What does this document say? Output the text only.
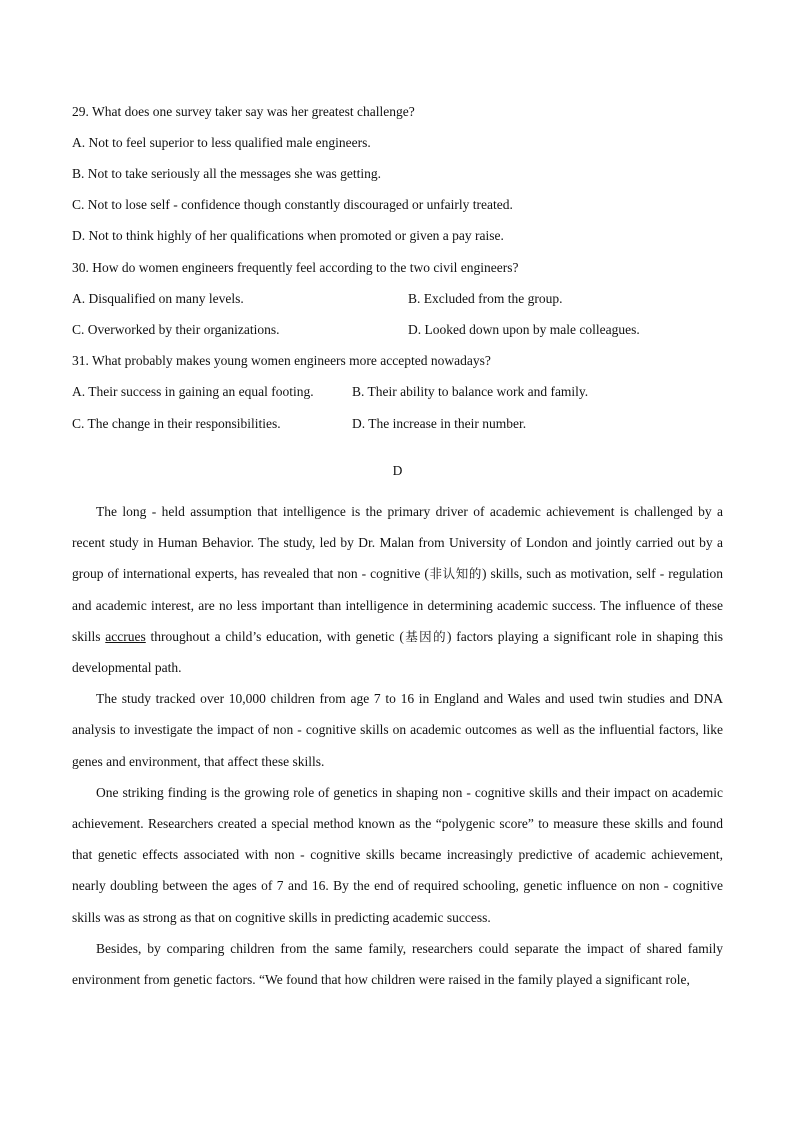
29. What does one survey taker say was her greatest challenge?
A. Not to feel superior to less qualified male engineers.
B. Not to take seriously all the messages she was getting.
C. Not to lose self - confidence though constantly discouraged or unfairly treated.
D. Not to think highly of her qualifications when promoted or given a pay raise.
30. How do women engineers frequently feel according to the two civil engineers?
A. Disqualified on many levels.	B. Excluded from the group.
C. Overworked by their organizations.	D. Looked down upon by male colleagues.
31. What probably makes young women engineers more accepted nowadays?
A. Their success in gaining an equal footing.	B. Their ability to balance work and family.
C. The change in their responsibilities.	D. The increase in their number.
D

The long - held assumption that intelligence is the primary driver of academic achievement is challenged by a recent study in Human Behavior. The study, led by Dr. Malan from University of London and jointly carried out by a group of international experts, has revealed that non - cognitive (非认知的) skills, such as motivation, self - regulation and academic interest, are no less important than intelligence in determining academic success. The influence of these skills accrues throughout a child’s education, with genetic (基因的) factors playing a significant role in shaping this developmental path.

The study tracked over 10,000 children from age 7 to 16 in England and Wales and used twin studies and DNA analysis to investigate the impact of non - cognitive skills on academic outcomes as well as the influential factors, like genes and environment, that affect these skills.

One striking finding is the growing role of genetics in shaping non - cognitive skills and their impact on academic achievement. Researchers created a special method known as the “polygenic score” to measure these skills and found that genetic effects associated with non - cognitive skills became increasingly predictive of academic achievement, nearly doubling between the ages of 7 and 16. By the end of required schooling, genetic influence on non - cognitive skills was as strong as that on cognitive skills in predicting academic success.

Besides, by comparing children from the same family, researchers could separate the impact of shared family environment from genetic factors. “We found that how children were raised in the family played a significant role,
